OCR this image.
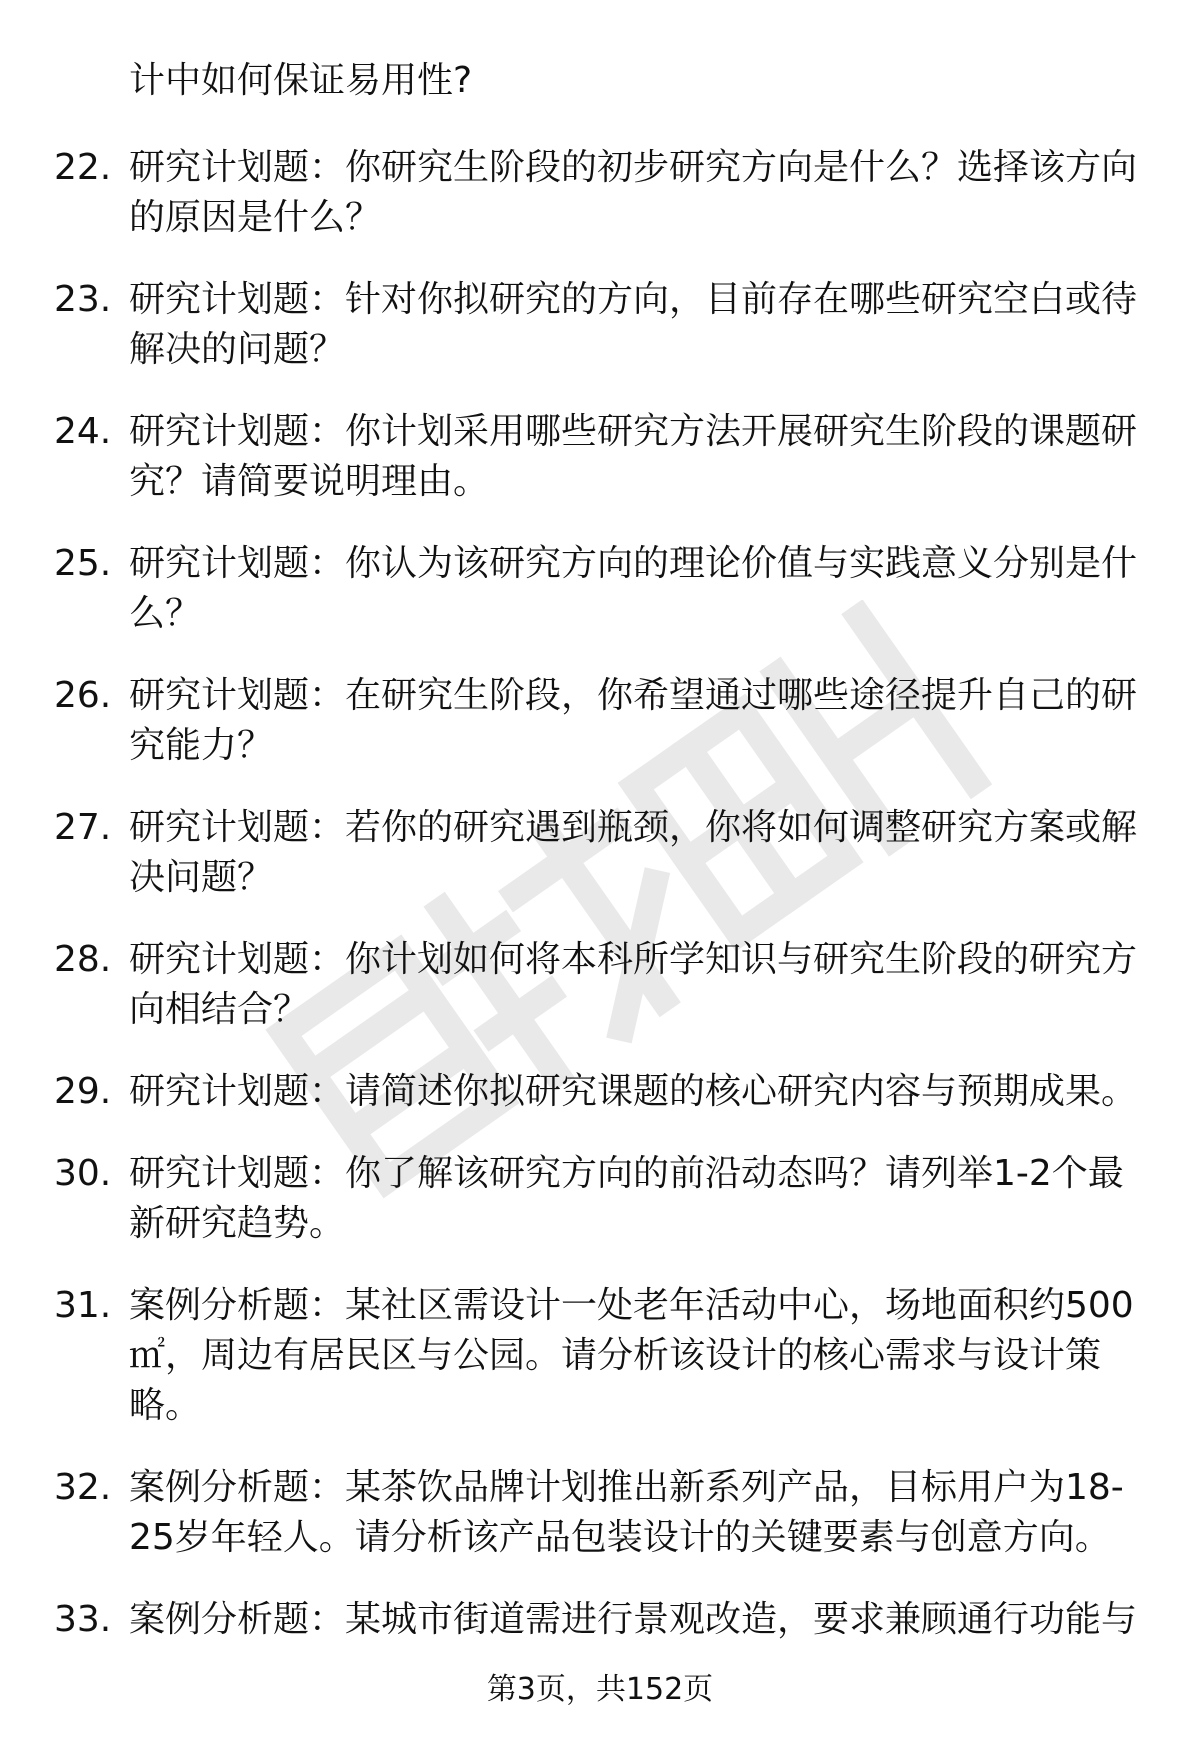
计中如何保证易用性?
22. 研究计划题：你研究生阶段的初步研究方向是什么？选择该方向的原因是什么？
23. 研究计划题：针对你拟研究的方向，目前存在哪些研究空白或待解决的问题？
24. 研究计划题：你计划采用哪些研究方法开展研究生阶段的课题研究？请简要说明理由。
25. 研究计划题：你认为该研究方向的理论价值与实践意义分别是什么？
26. 研究计划题：在研究生阶段，你希望通过哪些途径提升自己的研究能力？
27. 研究计划题：若你的研究遇到瓶颈，你将如何调整研究方案或解决问题？
28. 研究计划题：你计划如何将本科所学知识与研究生阶段的研究方向相结合？
29. 研究计划题：请简述你拟研究课题的核心研究内容与预期成果。
30. 研究计划题：你了解该研究方向的前沿动态吗？请列举1-2个最新研究趋势。
31. 案例分析题：某社区需设计一处老年活动中心，场地面积约500㎡，周边有居民区与公园。请分析该设计的核心需求与设计策略。
32. 案例分析题：某茶饮品牌计划推出新系列产品，目标用户为18-25岁年轻人。请分析该产品包装设计的关键要素与创意方向。
33. 案例分析题：某城市街道需进行景观改造，要求兼顾通行功能与
第3页，共152页
